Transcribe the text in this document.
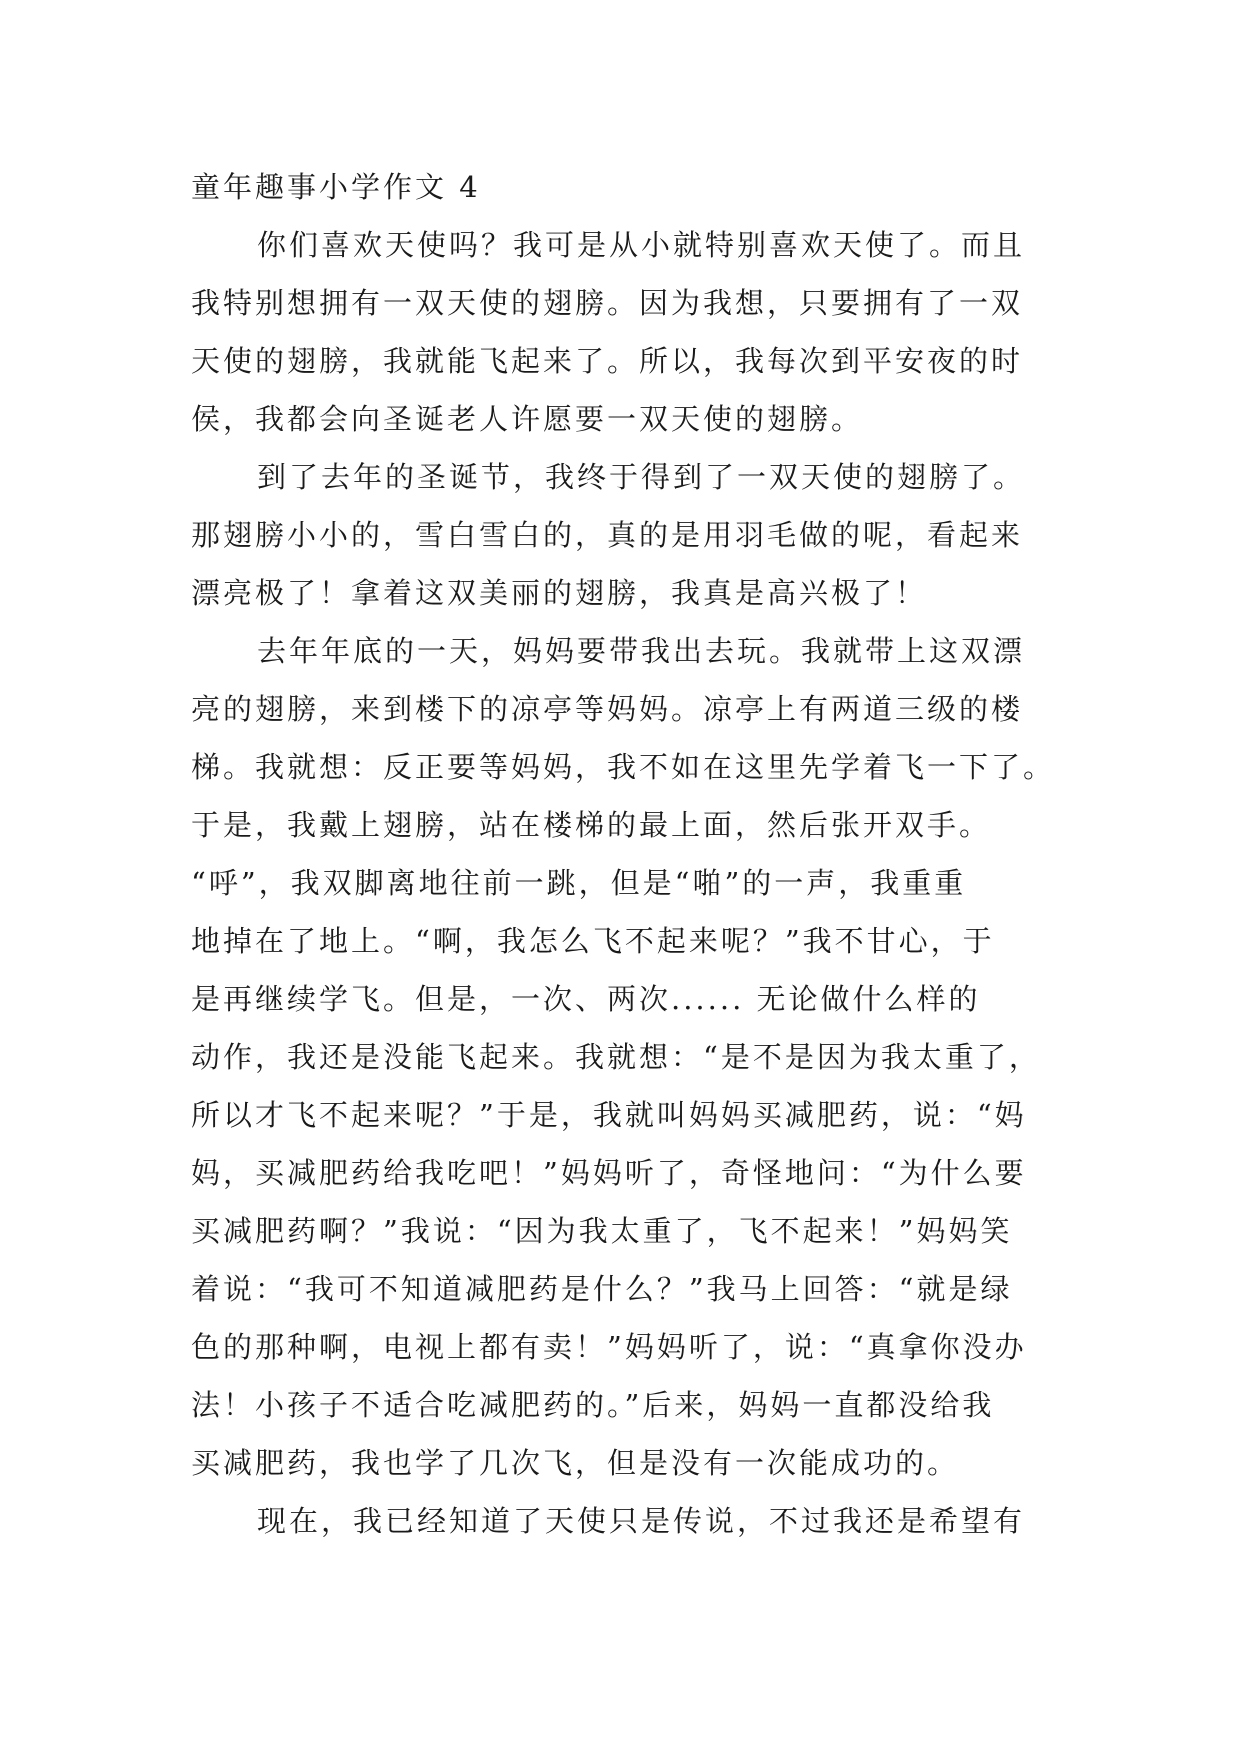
童年趣事小学作文 4
你们喜欢天使吗？我可是从小就特别喜欢天使了。而且
我特别想拥有一双天使的翅膀。因为我想，只要拥有了一双
天使的翅膀，我就能飞起来了。所以，我每次到平安夜的时
侯，我都会向圣诞老人许愿要一双天使的翅膀。
到了去年的圣诞节，我终于得到了一双天使的翅膀了。
那翅膀小小的，雪白雪白的，真的是用羽毛做的呢，看起来
漂亮极了！拿着这双美丽的翅膀，我真是高兴极了！
去年年底的一天，妈妈要带我出去玩。我就带上这双漂
亮的翅膀，来到楼下的凉亭等妈妈。凉亭上有两道三级的楼
梯。我就想：反正要等妈妈，我不如在这里先学着飞一下了。
于是，我戴上翅膀，站在楼梯的最上面，然后张开双手。
“呼”，我双脚离地往前一跳，但是“啪”的一声，我重重
地掉在了地上。“啊，我怎么飞不起来呢？”我不甘心，于
是再继续学飞。但是，一次、两次...... 无论做什么样的
动作，我还是没能飞起来。我就想：“是不是因为我太重了，
所以才飞不起来呢？”于是，我就叫妈妈买减肥药，说：“妈
妈，买减肥药给我吃吧！”妈妈听了，奇怪地问：“为什么要
买减肥药啊？”我说：“因为我太重了，飞不起来！”妈妈笑
着说：“我可不知道减肥药是什么？”我马上回答：“就是绿
色的那种啊，电视上都有卖！”妈妈听了，说：“真拿你没办
法！小孩子不适合吃减肥药的。”后来，妈妈一直都没给我
买减肥药，我也学了几次飞，但是没有一次能成功的。
现在，我已经知道了天使只是传说，不过我还是希望有
